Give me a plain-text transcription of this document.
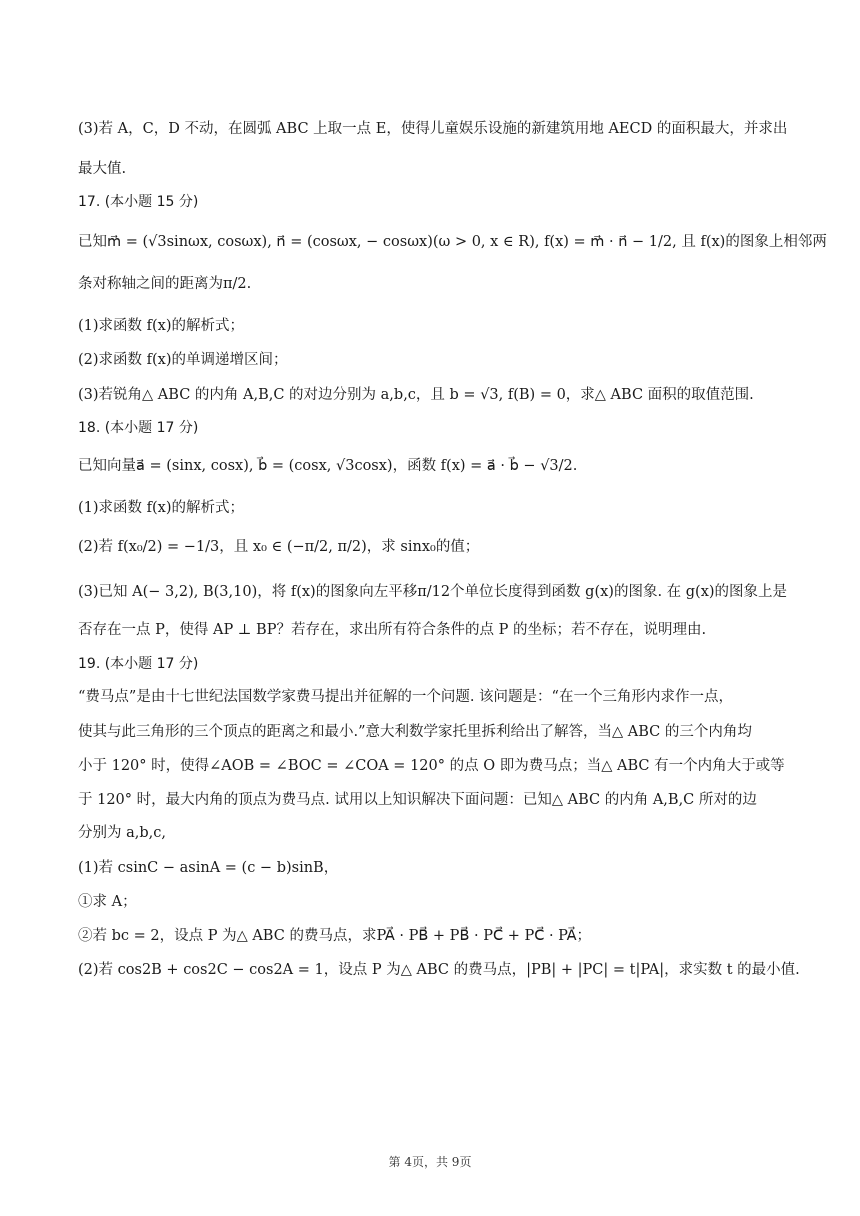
(3)若 A，C，D 不动，在圆弧 ABC 上取一点 E，使得儿童娱乐设施的新建筑用地 AECD 的面积最大，并求出
最大值.
17. (本小题 15 分)
已知m⃗ = (√3sinωx, cosωx), n⃗ = (cosωx, − cosωx)(ω > 0, x ∈ R), f(x) = m⃗ · n⃗ − 1/2, 且 f(x)的图象上相邻两
条对称轴之间的距离为π/2.
(1)求函数 f(x)的解析式；
(2)求函数 f(x)的单调递增区间；
(3)若锐角△ ABC 的内角 A,B,C 的对边分别为 a,b,c，且 b = √3, f(B) = 0，求△ ABC 面积的取值范围.
18. (本小题 17 分)
已知向量a⃗ = (sinx, cosx), b⃗ = (cosx, √3cosx)，函数 f(x) = a⃗ · b⃗ − √3/2.
(1)求函数 f(x)的解析式；
(2)若 f(x₀/2) = −1/3，且 x₀ ∈ (−π/2, π/2)，求 sinx₀的值；
(3)已知 A(− 3,2), B(3,10)，将 f(x)的图象向左平移π/12个单位长度得到函数 g(x)的图象. 在 g(x)的图象上是
否存在一点 P，使得 AP ⊥ BP？若存在，求出所有符合条件的点 P 的坐标；若不存在，说明理由.
19. (本小题 17 分)
“费马点”是由十七世纪法国数学家费马提出并征解的一个问题. 该问题是：“在一个三角形内求作一点，
使其与此三角形的三个顶点的距离之和最小.”意大利数学家托里拆利给出了解答，当△ ABC 的三个内角均
小于 120° 时，使得∠AOB = ∠BOC = ∠COA = 120° 的点 O 即为费马点；当△ ABC 有一个内角大于或等
于 120° 时，最大内角的顶点为费马点. 试用以上知识解决下面问题：已知△ ABC 的内角 A,B,C 所对的边
分别为 a,b,c,
(1)若 csinC − asinA = (c − b)sinB，
①求 A；
②若 bc = 2，设点 P 为△ ABC 的费马点，求PA⃗ · PB⃗ + PB⃗ · PC⃗ + PC⃗ · PA⃗；
(2)若 cos2B + cos2C − cos2A = 1，设点 P 为△ ABC 的费马点，|PB| + |PC| = t|PA|，求实数 t 的最小值.
第 4页，共 9页
